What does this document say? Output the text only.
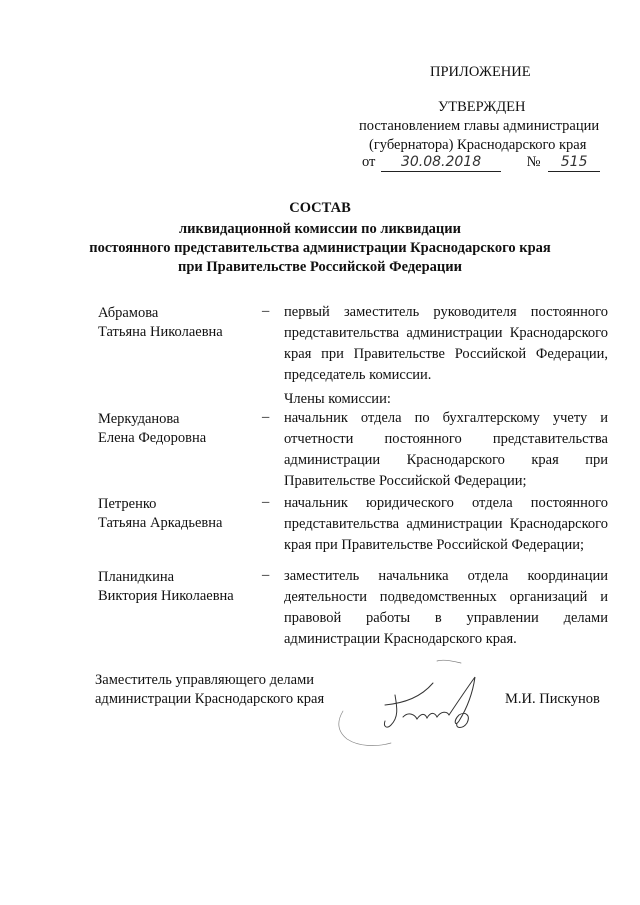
ПРИЛОЖЕНИЕ
УТВЕРЖДЕН
постановлением главы администрации
(губернатора) Краснодарского края
от 30.08.2018	№ 515
СОСТАВ
ликвидационной комиссии по ликвидации
постоянного представительства администрации Краснодарского края
при Правительстве Российской Федерации
Абрамова
Татьяна Николаевна
– первый заместитель руководителя постоянного представительства администрации Краснодарского края при Правительстве Российской Федерации, председатель комиссии.
Члены комиссии:
Меркуданова
Елена Федоровна
– начальник отдела по бухгалтерскому учету и отчетности постоянного представительства администрации Краснодарского края при Правительстве Российской Федерации;
Петренко
Татьяна Аркадьевна
– начальник юридического отдела постоянного представительства администрации Краснодарского края при Правительстве Российской Федерации;
Планидкина
Виктория Николаевна
– заместитель начальника отдела координации деятельности подведомственных организаций и правовой работы в управлении делами администрации Краснодарского края.
Заместитель управляющего делами
администрации Краснодарского края	М.И. Пискунов
